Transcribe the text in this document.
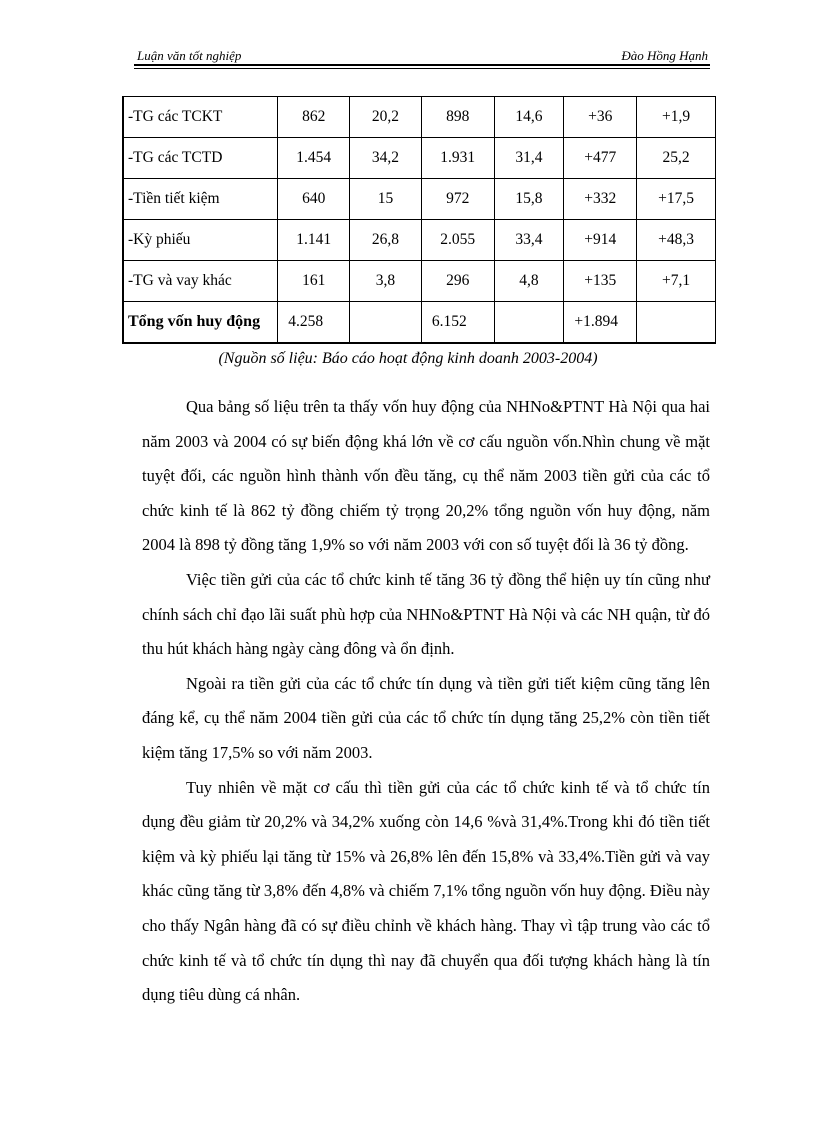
Luận văn tốt nghiệp	Đào Hồng Hạnh
-TG các TCKT	862	20,2	898	14,6	+36	+1,9
-TG các TCTD	1.454	34,2	1.931	31,4	+477	25,2
-Tiền tiết kiệm	640	15	972	15,8	+332	+17,5
-Kỳ phiếu	1.141	26,8	2.055	33,4	+914	+48,3
-TG và vay khác	161	3,8	296	4,8	+135	+7,1
Tổng vốn huy động	4.258		6.152		+1.894	
(Nguồn số liệu: Báo cáo hoạt động kinh doanh 2003-2004)

Qua bảng số liệu trên ta thấy vốn huy động của NHNo&PTNT Hà Nội qua hai năm 2003 và 2004 có sự biến động khá lớn về cơ cấu nguồn vốn.Nhìn chung về mặt tuyệt đối, các nguồn hình thành vốn đều tăng, cụ thể năm 2003 tiền gửi của các tổ chức kinh tế là 862 tỷ đồng chiếm tỷ trọng 20,2% tổng nguồn vốn huy động, năm 2004 là 898 tỷ đồng tăng 1,9% so với năm 2003 với con số tuyệt đối là 36 tỷ đồng.

Việc tiền gửi của các tổ chức kinh tế tăng 36 tỷ đồng thể hiện uy tín cũng như chính sách chỉ đạo lãi suất phù hợp của NHNo&PTNT Hà Nội và các NH quận, từ đó thu hút khách hàng ngày càng đông và ổn định.

Ngoài ra tiền gửi của các tổ chức tín dụng và tiền gửi tiết kiệm cũng tăng lên đáng kể, cụ thể năm 2004 tiền gửi của các tổ chức tín dụng tăng 25,2% còn tiền tiết kiệm tăng 17,5% so với năm 2003.

Tuy nhiên về mặt cơ cấu thì tiền gửi của các tổ chức kinh tế và tổ chức tín dụng đều giảm từ 20,2% và 34,2% xuống còn 14,6 %và 31,4%.Trong khi đó tiền tiết kiệm và kỳ phiếu lại tăng từ 15% và 26,8% lên đến 15,8% và 33,4%.Tiền gửi và vay khác cũng tăng từ 3,8% đến 4,8% và chiếm 7,1% tổng nguồn vốn huy động. Điều này cho thấy Ngân hàng đã có sự điều chỉnh về khách hàng. Thay vì tập trung vào các tổ chức kinh tế và tổ chức tín dụng thì nay đã chuyển qua đối tượng khách hàng là tín dụng tiêu dùng cá nhân.
